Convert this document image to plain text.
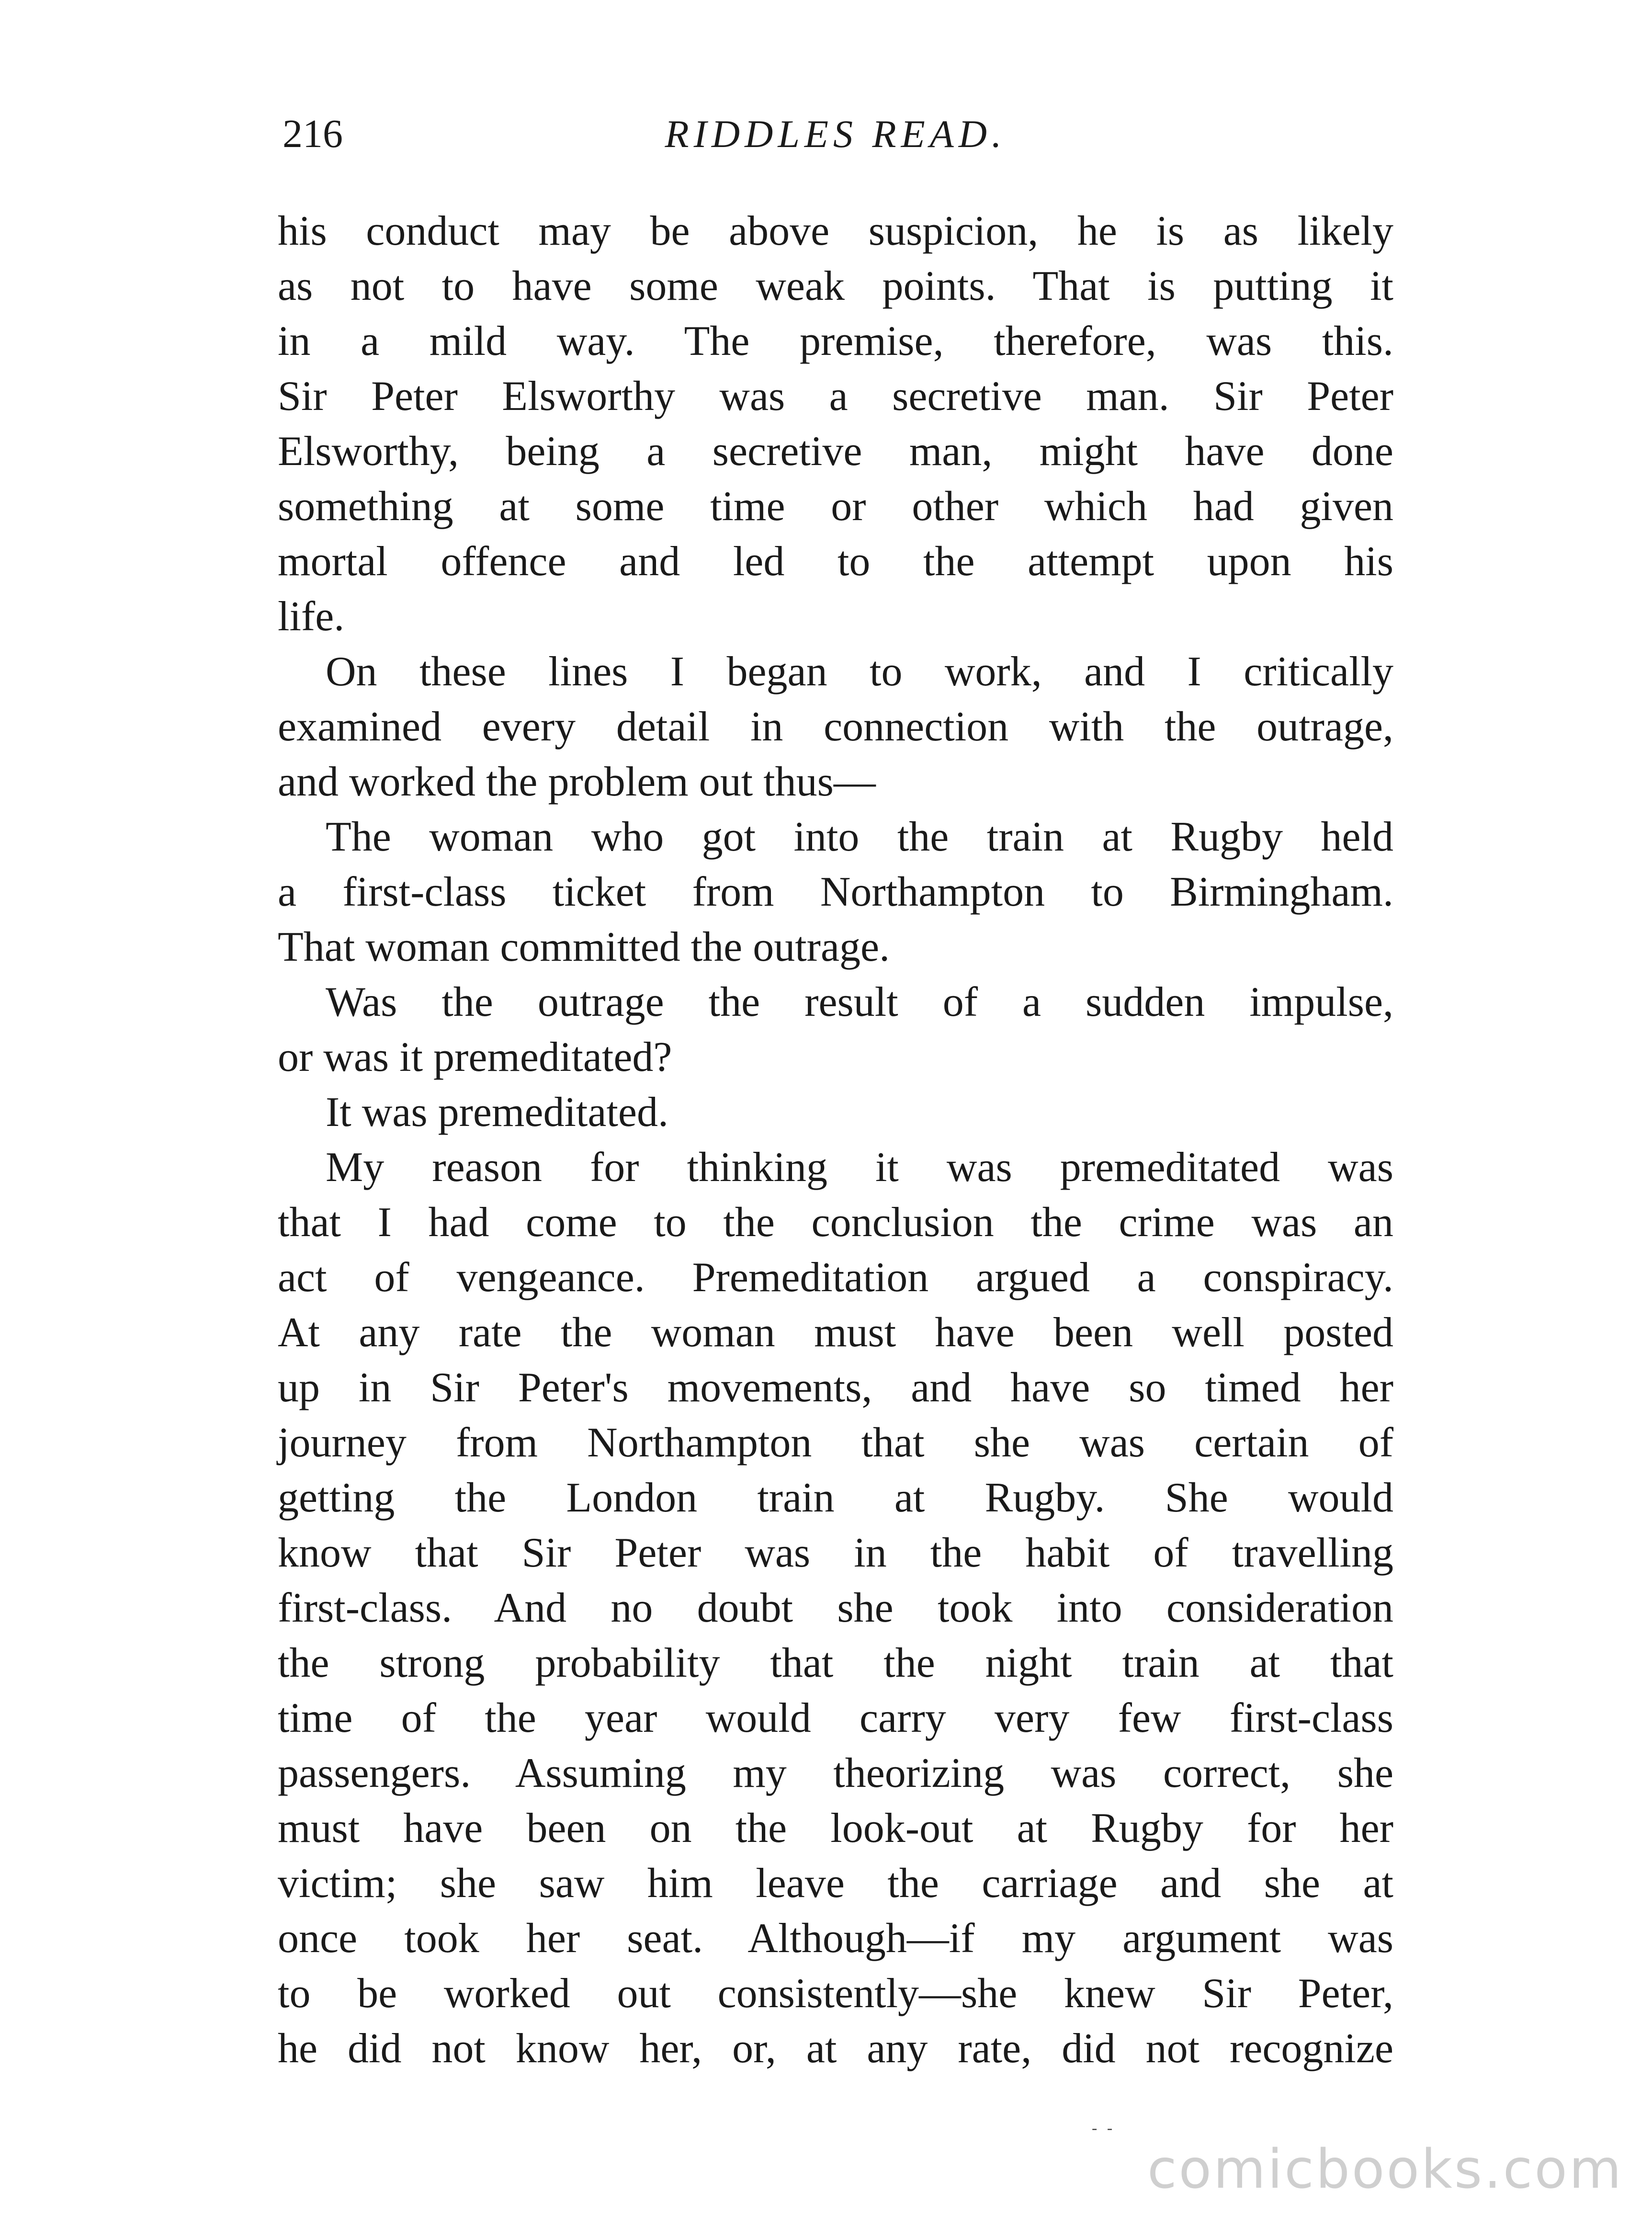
216	RIDDLES READ.
his conduct may be above suspicion, he is as likely
as not to have some weak points. That is putting it
in a mild way. The premise, therefore, was this.
Sir Peter Elsworthy was a secretive man. Sir Peter
Elsworthy, being a secretive man, might have done
something at some time or other which had given
mortal offence and led to the attempt upon his
life.
On these lines I began to work, and I critically
examined every detail in connection with the outrage,
and worked the problem out thus—
The woman who got into the train at Rugby held
a first-class ticket from Northampton to Birmingham.
That woman committed the outrage.
Was the outrage the result of a sudden impulse,
or was it premeditated?
It was premeditated.
My reason for thinking it was premeditated was
that I had come to the conclusion the crime was an
act of vengeance. Premeditation argued a conspiracy.
At any rate the woman must have been well posted
up in Sir Peter's movements, and have so timed her
journey from Northampton that she was certain of
getting the London train at Rugby. She would
know that Sir Peter was in the habit of travelling
first-class. And no doubt she took into consideration
the strong probability that the night train at that
time of the year would carry very few first-class
passengers. Assuming my theorizing was correct, she
must have been on the look-out at Rugby for her
victim; she saw him leave the carriage and she at
once took her seat. Although—if my argument was
to be worked out consistently—she knew Sir Peter,
he did not know her, or, at any rate, did not recognize
- -
comicbooks.com
